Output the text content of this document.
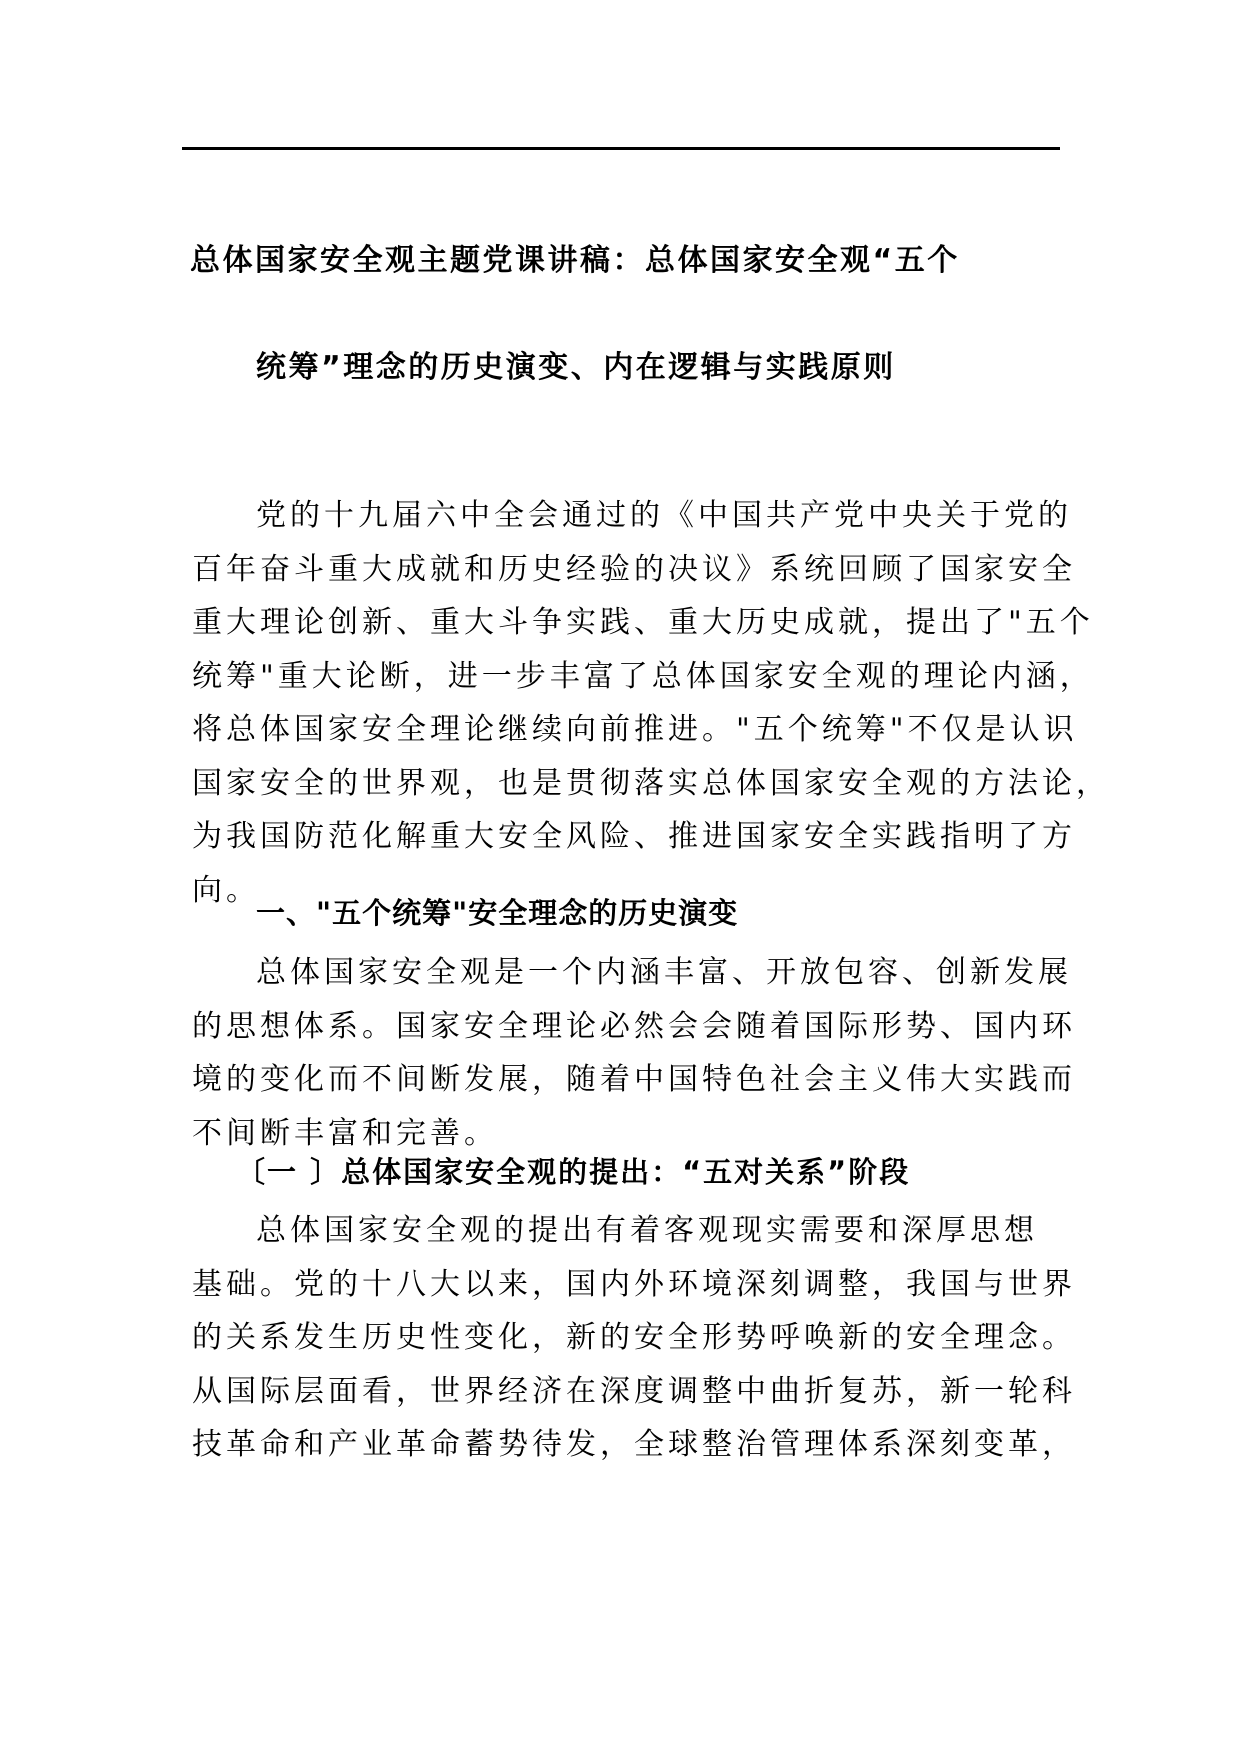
总体国家安全观主题党课讲稿：总体国家安全观“五个
统筹”理念的历史演变、内在逻辑与实践原则
党的十九届六中全会通过的《中国共产党中央关于党的
百年奋斗重大成就和历史经验的决议》系统回顾了国家安全
重大理论创新、重大斗争实践、重大历史成就，提出了"五个
统筹"重大论断，进一步丰富了总体国家安全观的理论内涵，
将总体国家安全理论继续向前推进。"五个统筹"不仅是认识
国家安全的世界观，也是贯彻落实总体国家安全观的方法论，
为我国防范化解重大安全风险、推进国家安全实践指明了方
向。
一、"五个统筹"安全理念的历史演变
总体国家安全观是一个内涵丰富、开放包容、创新发展
的思想体系。国家安全理论必然会会随着国际形势、国内环
境的变化而不间断发展，随着中国特色社会主义伟大实践而
不间断丰富和完善。
〔一 〕总体国家安全观的提出：“五对关系”阶段
总体国家安全观的提出有着客观现实需要和深厚思想
基础。党的十八大以来，国内外环境深刻调整，我国与世界
的关系发生历史性变化，新的安全形势呼唤新的安全理念。
从国际层面看，世界经济在深度调整中曲折复苏，新一轮科
技革命和产业革命蓄势待发，全球整治管理体系深刻变革，
